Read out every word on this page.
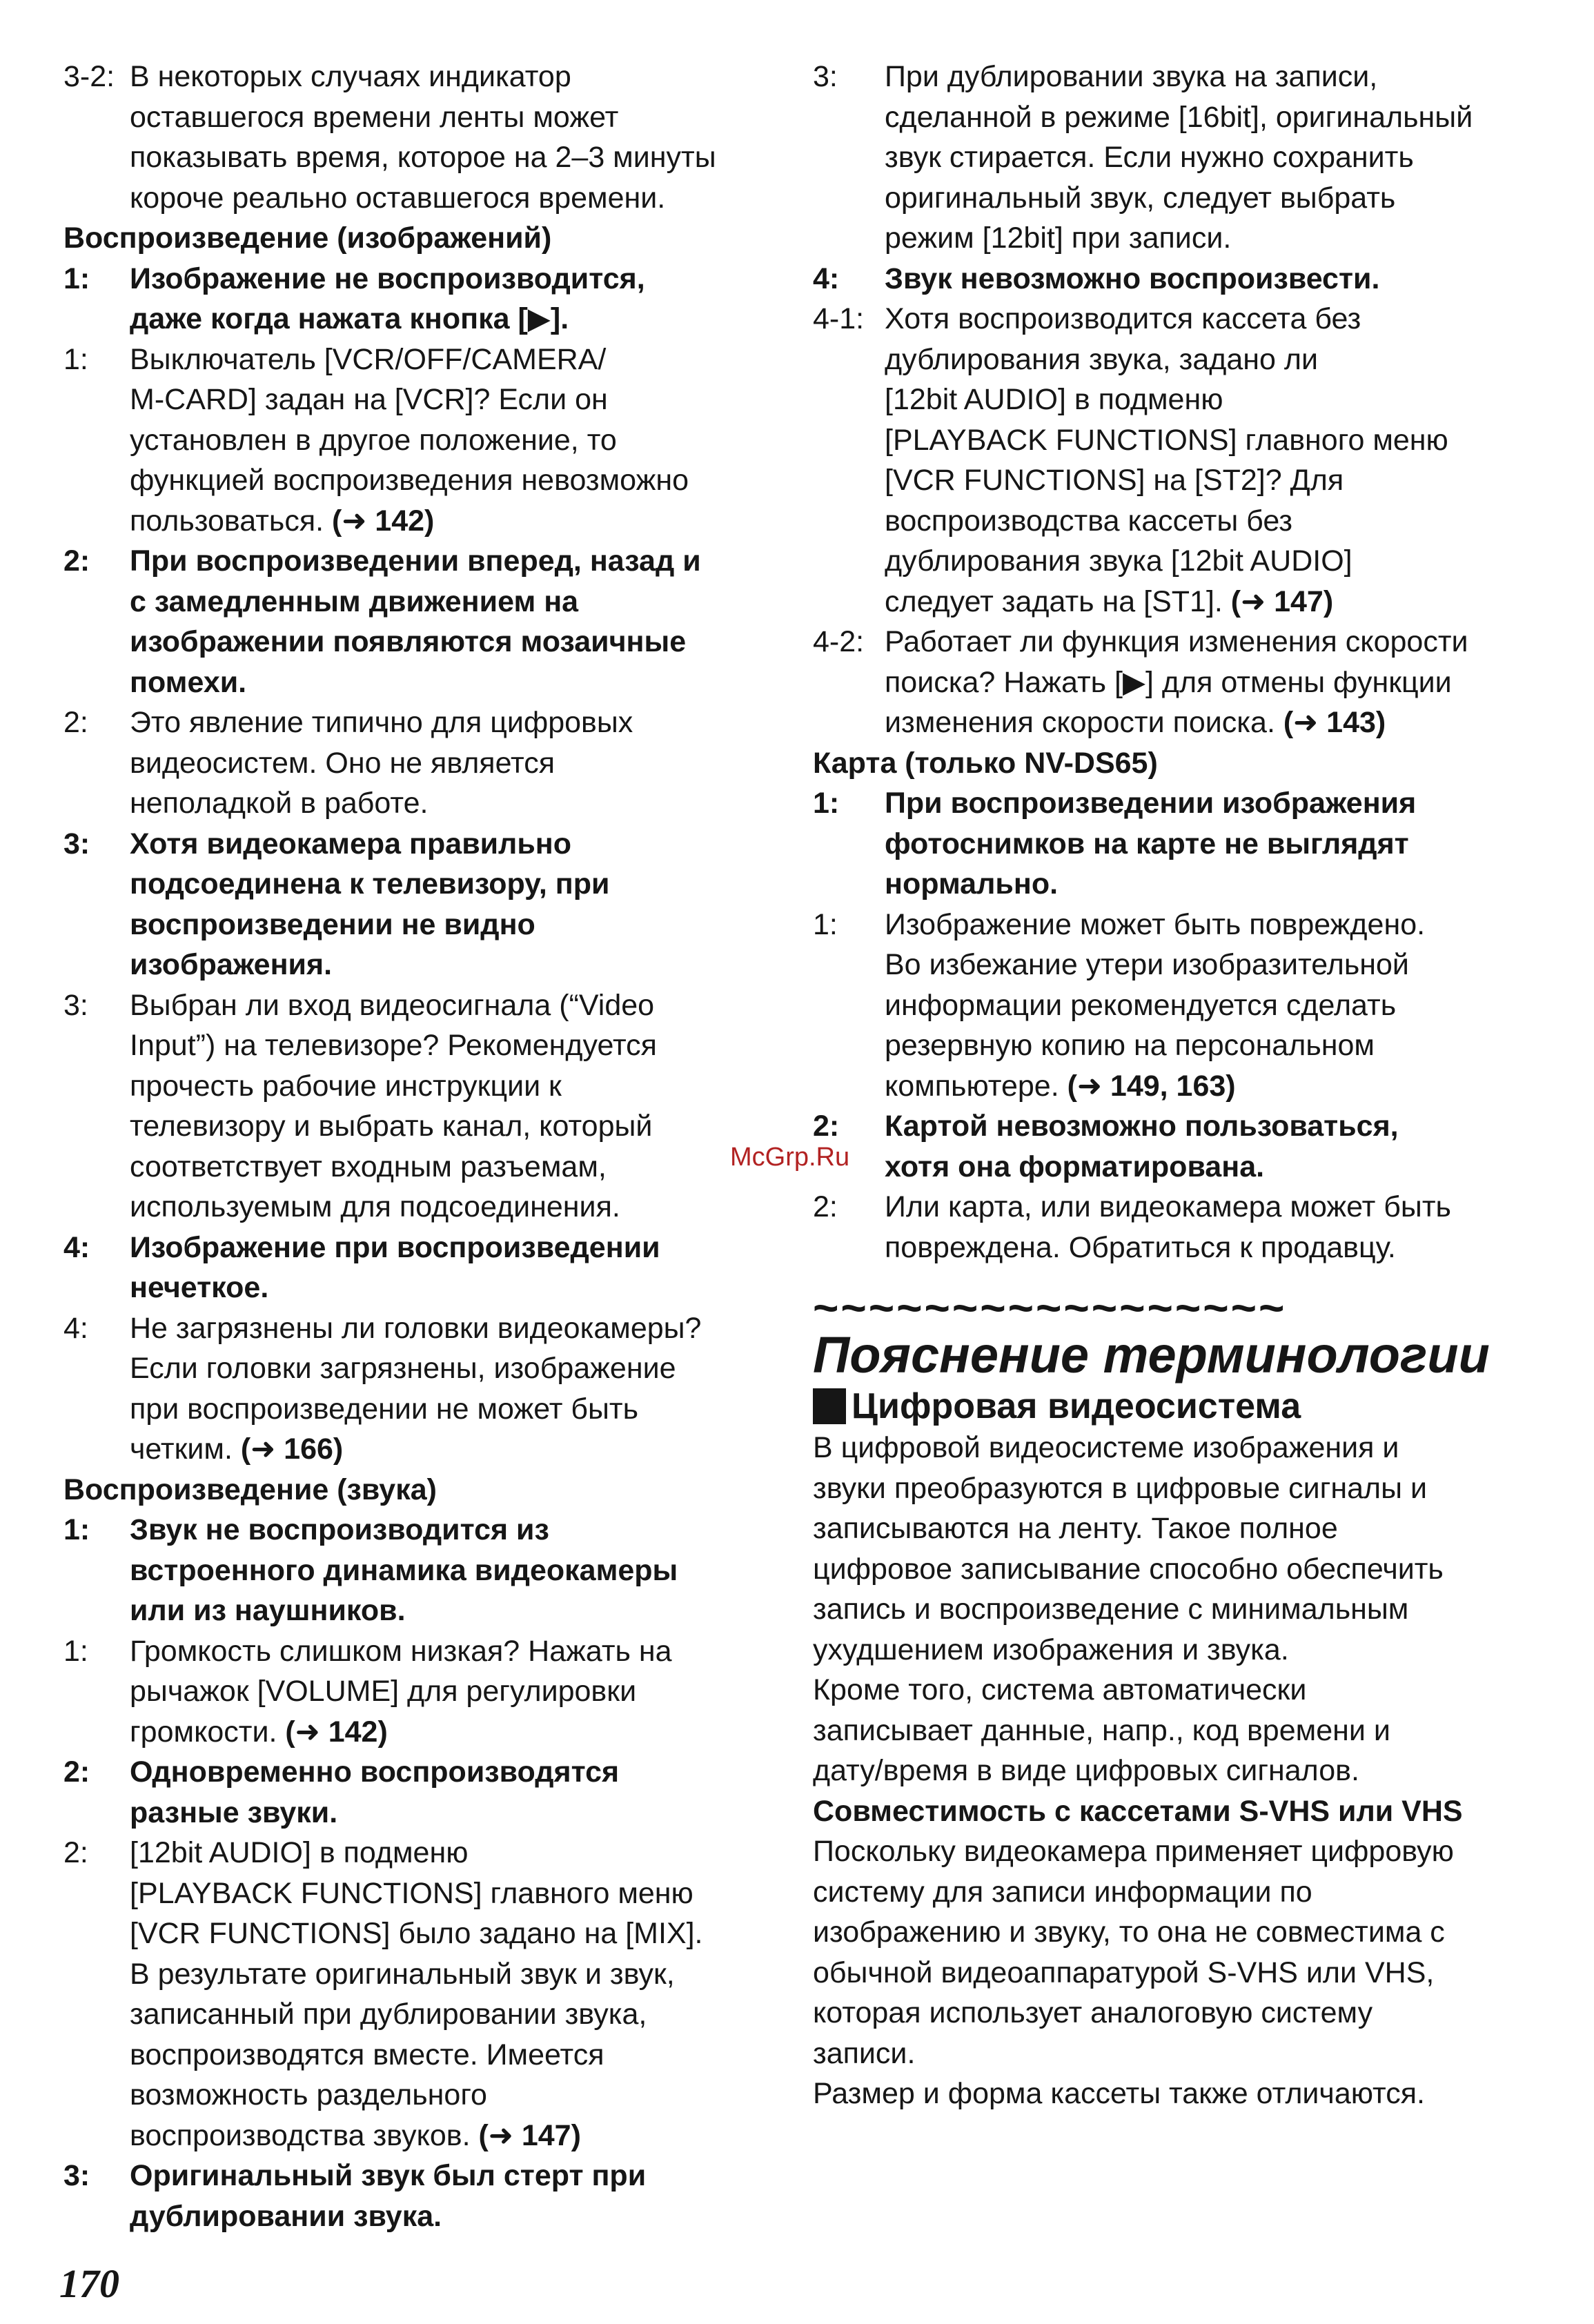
3-2: В некоторых случаях индикатор
оставшегося времени ленты может
показывать время, которое на 2–3 минуты
короче реально оставшегося времени.
Воспроизведение (изображений)
1:	Изображение не воспроизводится,
даже когда нажата кнопка [▶].
1:	Выключатель [VCR/OFF/CAMERA/
M-CARD] задан на [VCR]? Если он
установлен в другое положение, то
функцией воспроизведения невозможно
пользоваться. (➜ 142)
2:	При воспроизведении вперед, назад и
с замедленным движением на
изображении появляются мозаичные
помехи.
2:	Это явление типично для цифровых
видеосистем. Оно не является
неполадкой в работе.
3:	Хотя видеокамера правильно
подсоединена к телевизору, при
воспроизведении не видно
изображения.
3:	Выбран ли вход видеосигнала (“Video
Input”) на телевизоре? Рекомендуется
прочесть рабочие инструкции к
телевизору и выбрать канал, который
соответствует входным разъемам,
используемым для подсоединения.
4:	Изображение при воспроизведении
нечеткое.
4:	Не загрязнены ли головки видеокамеры?
Если головки загрязнены, изображение
при воспроизведении не может быть
четким. (➜ 166)
Воспроизведение (звука)
1:	Звук не воспроизводится из
встроенного динамика видеокамеры
или из наушников.
1:	Громкость слишком низкая? Нажать на
рычажок [VOLUME] для регулировки
громкости. (➜ 142)
2:	Одновременно воспроизводятся
разные звуки.
2:	[12bit AUDIO] в подменю
[PLAYBACK FUNCTIONS] главного меню
[VCR FUNCTIONS] было задано на [MIX].
В результате оригинальный звук и звук,
записанный при дублировании звука,
воспроизводятся вместе. Имеется
возможность раздельного
воспроизводства звуков. (➜ 147)
3:	Оригинальный звук был стерт при
дублировании звука.
3:	При дублировании звука на записи,
сделанной в режиме [16bit], оригинальный
звук стирается. Если нужно сохранить
оригинальный звук, следует выбрать
режим [12bit] при записи.
4:	Звук невозможно воспроизвести.
4-1: Хотя воспроизводится кассета без
дублирования звука, задано ли
[12bit AUDIO] в подменю
[PLAYBACK FUNCTIONS] главного меню
[VCR FUNCTIONS] на [ST2]? Для
воспроизводства кассеты без
дублирования звука [12bit AUDIO]
следует задать на [ST1]. (➜ 147)
4-2: Работает ли функция изменения скорости
поиска? Нажать [▶] для отмены функции
изменения скорости поиска. (➜ 143)
Карта (только NV-DS65)
1:	При воспроизведении изображения
фотоснимков на карте не выглядят
нормально.
1:	Изображение может быть повреждено.
Во избежание утери изобразительной
информации рекомендуется сделать
резервную копию на персональном
компьютере. (➜ 149, 163)
2:	Картой невозможно пользоваться,
хотя она форматирована.
2:	Или карта, или видеокамера может быть
повреждена. Обратиться к продавцу.
~~~~~~~~~~~~~~~~~
Пояснение терминологии
Цифровая видеосистема
В цифровой видеосистеме изображения и
звуки преобразуются в цифровые сигналы и
записываются на ленту. Такое полное
цифровое записывание способно обеспечить
запись и воспроизведение с минимальным
ухудшением изображения и звука.
Кроме того, система автоматически
записывает данные, напр., код времени и
дату/время в виде цифровых сигналов.
Совместимость с кассетами S-VHS или VHS
Поскольку видеокамера применяет цифровую
систему для записи информации по
изображению и звуку, то она не совместима с
обычной видеоаппаратурой S-VHS или VHS,
которая использует аналоговую систему
записи.
Размер и форма кассеты также отличаются.
McGrp.Ru
170
